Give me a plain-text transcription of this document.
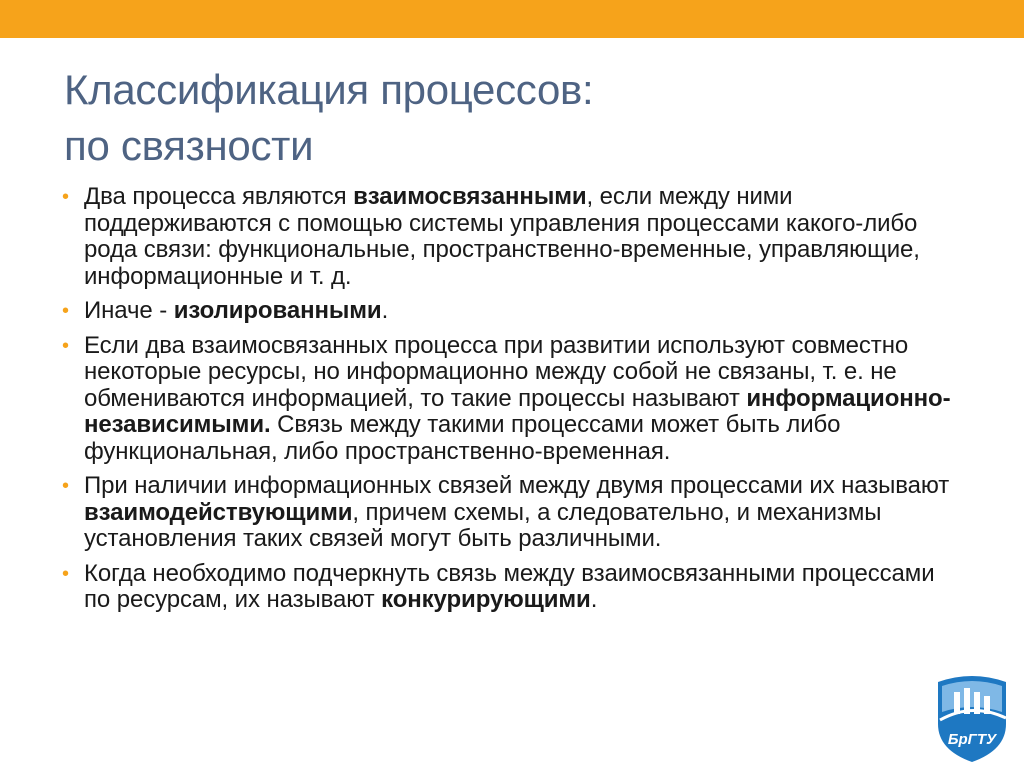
Классификация процессов:
по связности
• Два процесса являются взаимосвязанными, если между ними поддерживаются с помощью системы управления процессами какого-либо рода связи: функциональные, пространственно-временные, управляющие, информационные и т. д.
• Иначе - изолированными.
• Если два взаимосвязанных процесса при развитии используют совместно некоторые ресурсы, но информационно между собой не связаны, т. е. не обмениваются информацией, то такие процессы называют информационно-независимыми. Связь между такими процессами может быть либо функциональная, либо пространственно-временная.
• При наличии информационных связей между двумя процессами их называют взаимодействующими, причем схемы, а следовательно, и механизмы установления таких связей могут быть различными.
• Когда необходимо подчеркнуть связь между взаимосвязанными процессами по ресурсам, их называют конкурирующими.
БрГТУ
